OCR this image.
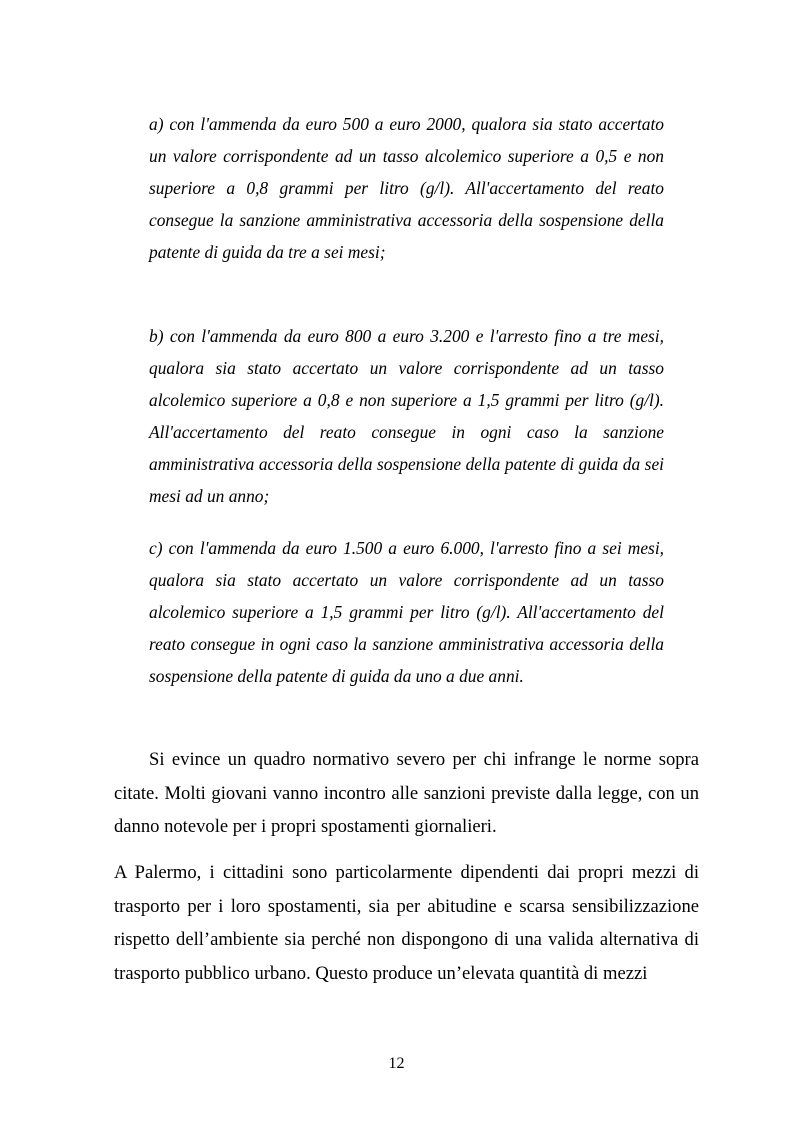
a) con l'ammenda da euro 500 a euro 2000, qualora sia stato accertato un valore corrispondente ad un tasso alcolemico superiore a 0,5 e non superiore a 0,8 grammi per litro (g/l). All'accertamento del reato consegue la sanzione amministrativa accessoria della sospensione della patente di guida da tre a sei mesi;

b) con l'ammenda da euro 800 a euro 3.200 e l'arresto fino a tre mesi, qualora sia stato accertato un valore corrispondente ad un tasso alcolemico superiore a 0,8 e non superiore a 1,5 grammi per litro (g/l). All'accertamento del reato consegue in ogni caso la sanzione amministrativa accessoria della sospensione della patente di guida da sei mesi ad un anno;

c) con l'ammenda da euro 1.500 a euro 6.000, l'arresto fino a sei mesi, qualora sia stato accertato un valore corrispondente ad un tasso alcolemico superiore a 1,5 grammi per litro (g/l). All'accertamento del reato consegue in ogni caso la sanzione amministrativa accessoria della sospensione della patente di guida da uno a due anni.

Si evince un quadro normativo severo per chi infrange le norme sopra citate. Molti giovani vanno incontro alle sanzioni previste dalla legge, con un danno notevole per i propri spostamenti giornalieri.

A Palermo, i cittadini sono particolarmente dipendenti dai propri mezzi di trasporto per i loro spostamenti, sia per abitudine e scarsa sensibilizzazione rispetto dell’ambiente sia perché non dispongono di una valida alternativa di trasporto pubblico urbano. Questo produce un’elevata quantità di mezzi

12
